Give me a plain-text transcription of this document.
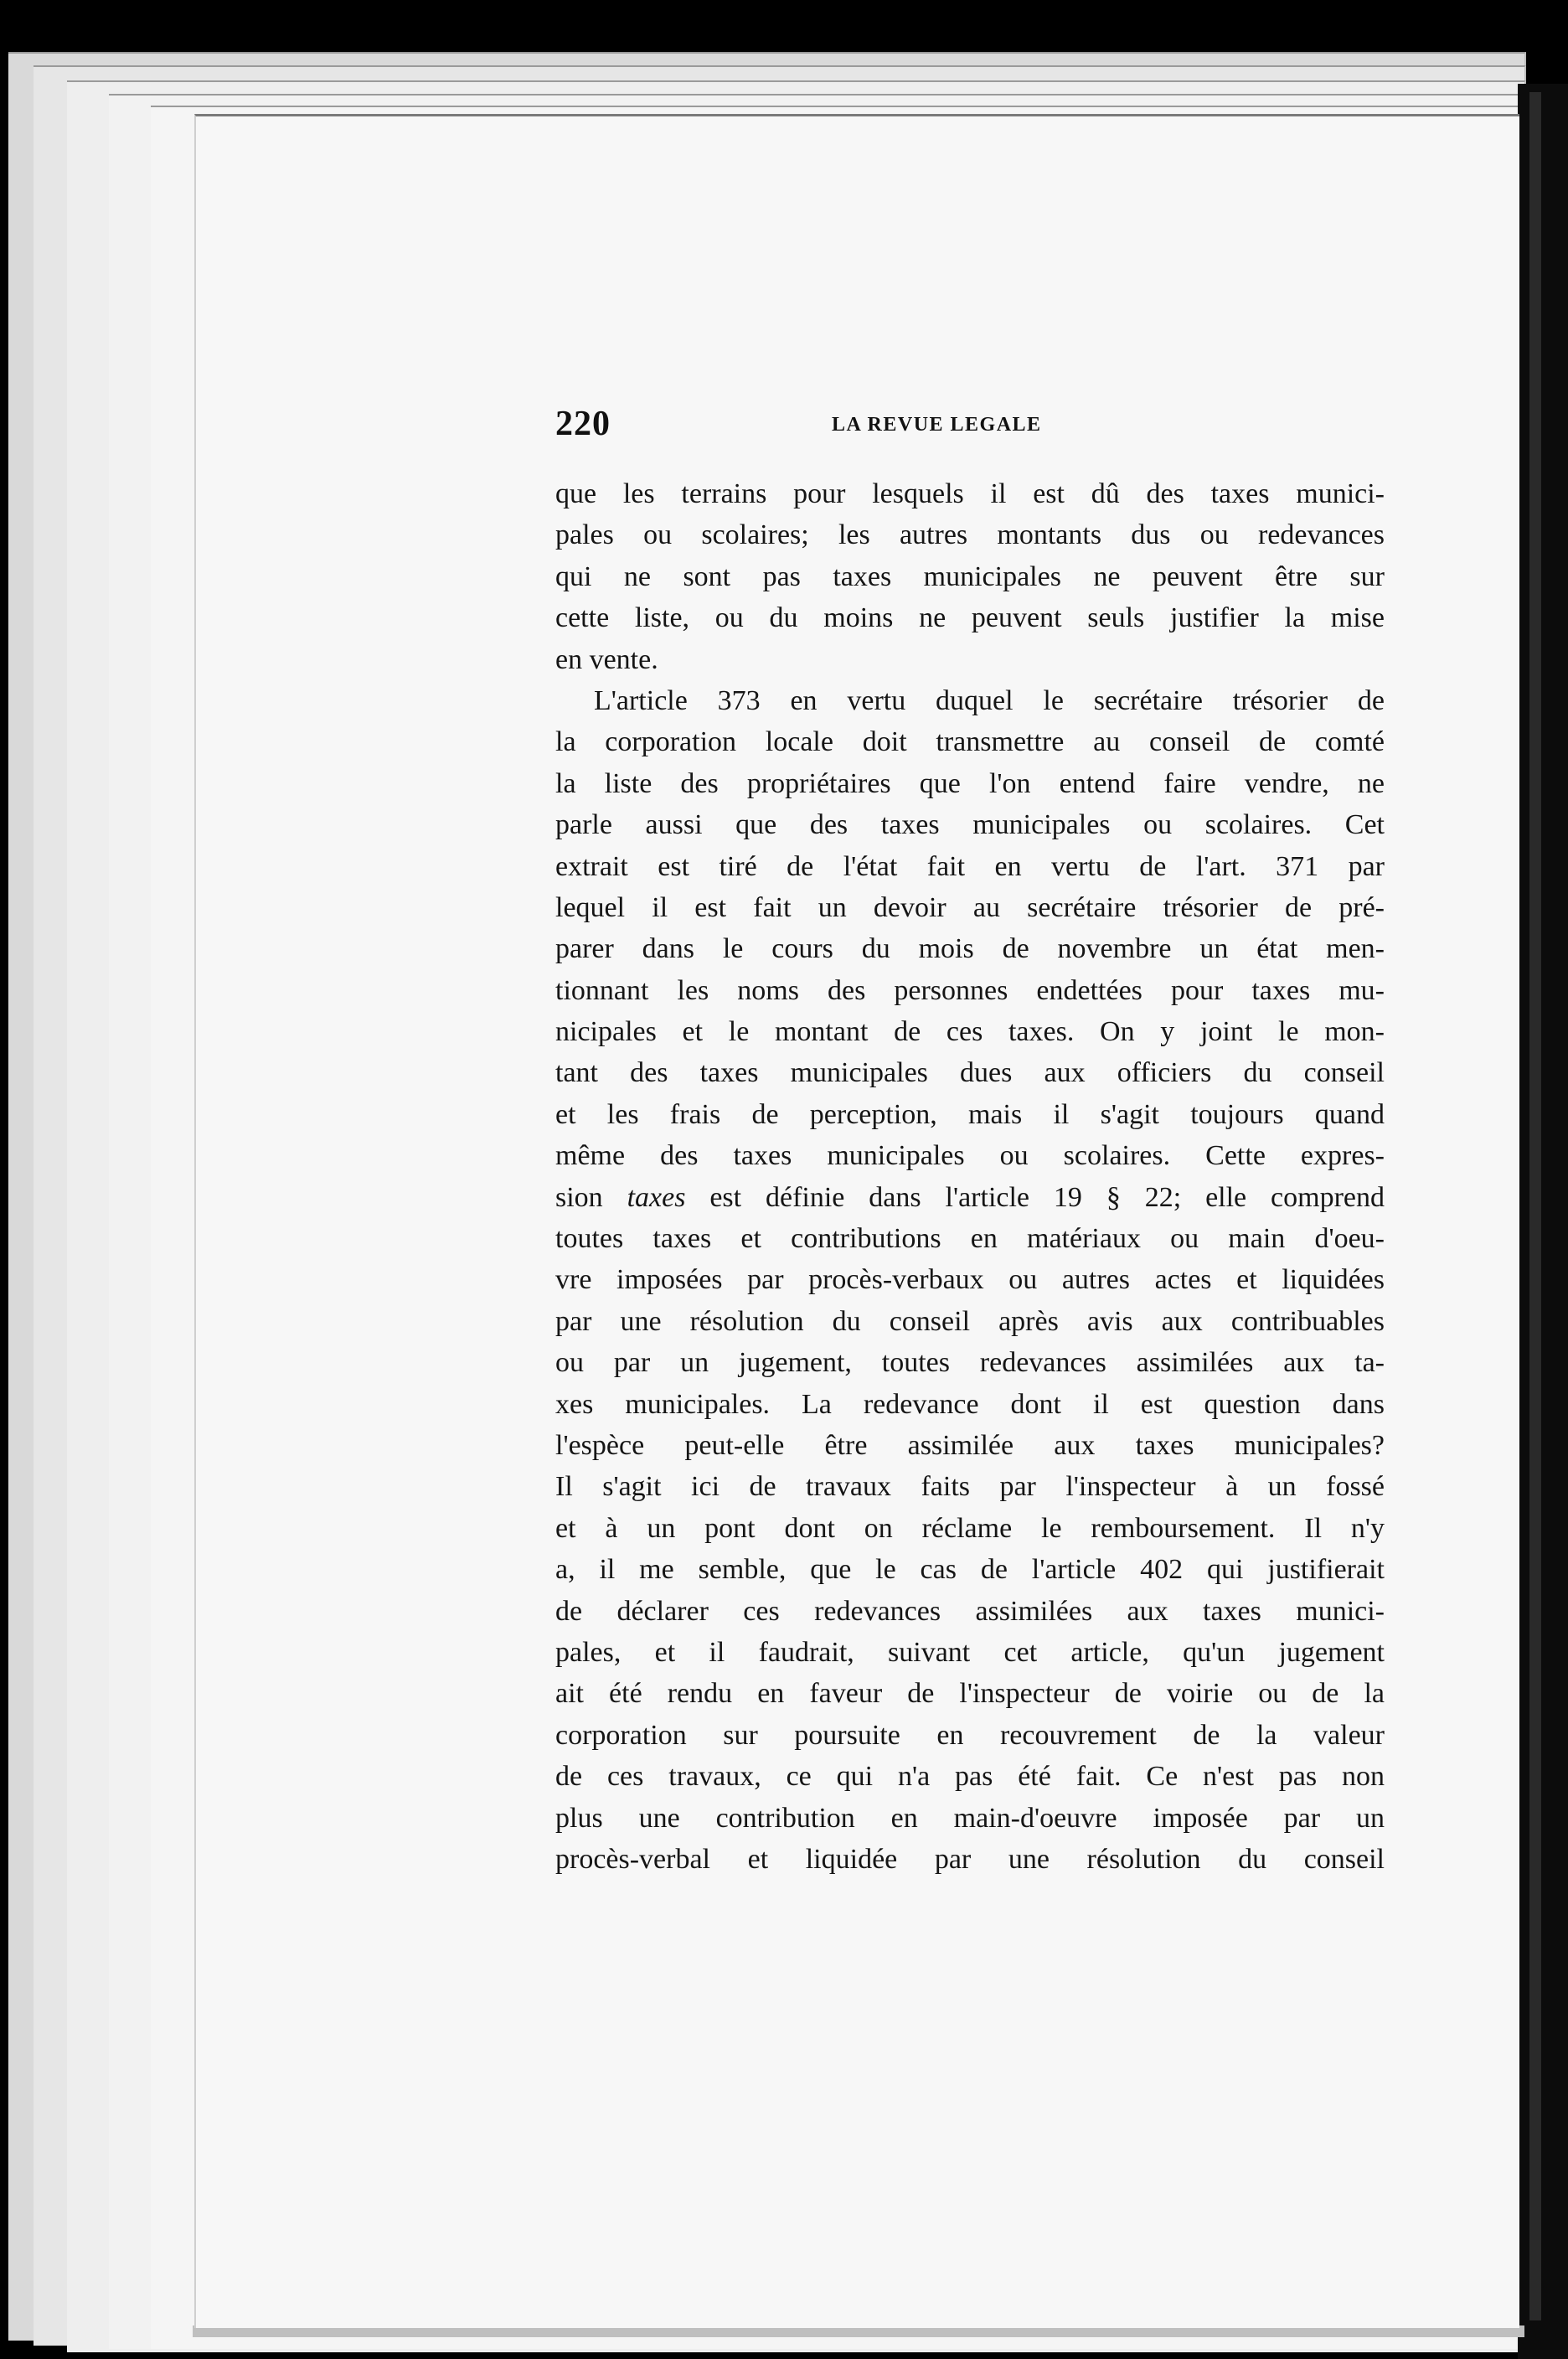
220	LA REVUE LEGALE
que les terrains pour lesquels il est dû des taxes munici-
pales ou scolaires; les autres montants dus ou redevances
qui ne sont pas taxes municipales ne peuvent être sur
cette liste, ou du moins ne peuvent seuls justifier la mise
en vente.
L'article 373 en vertu duquel le secrétaire trésorier de
la corporation locale doit transmettre au conseil de comté
la liste des propriétaires que l'on entend faire vendre, ne
parle aussi que des taxes municipales ou scolaires. Cet
extrait est tiré de l'état fait en vertu de l'art. 371 par
lequel il est fait un devoir au secrétaire trésorier de pré-
parer dans le cours du mois de novembre un état men-
tionnant les noms des personnes endettées pour taxes mu-
nicipales et le montant de ces taxes. On y joint le mon-
tant des taxes municipales dues aux officiers du conseil
et les frais de perception, mais il s'agit toujours quand
même des taxes municipales ou scolaires. Cette expres-
sion taxes est définie dans l'article 19 § 22; elle comprend
toutes taxes et contributions en matériaux ou main d'oeu-
vre imposées par procès-verbaux ou autres actes et liquidées
par une résolution du conseil après avis aux contribuables
ou par un jugement, toutes redevances assimilées aux ta-
xes municipales. La redevance dont il est question dans
l'espèce peut-elle être assimilée aux taxes municipales?
Il s'agit ici de travaux faits par l'inspecteur à un fossé
et à un pont dont on réclame le remboursement. Il n'y
a, il me semble, que le cas de l'article 402 qui justifierait
de déclarer ces redevances assimilées aux taxes munici-
pales, et il faudrait, suivant cet article, qu'un jugement
ait été rendu en faveur de l'inspecteur de voirie ou de la
corporation sur poursuite en recouvrement de la valeur
de ces travaux, ce qui n'a pas été fait. Ce n'est pas non
plus une contribution en main-d'oeuvre imposée par un
procès-verbal et liquidée par une résolution du conseil
